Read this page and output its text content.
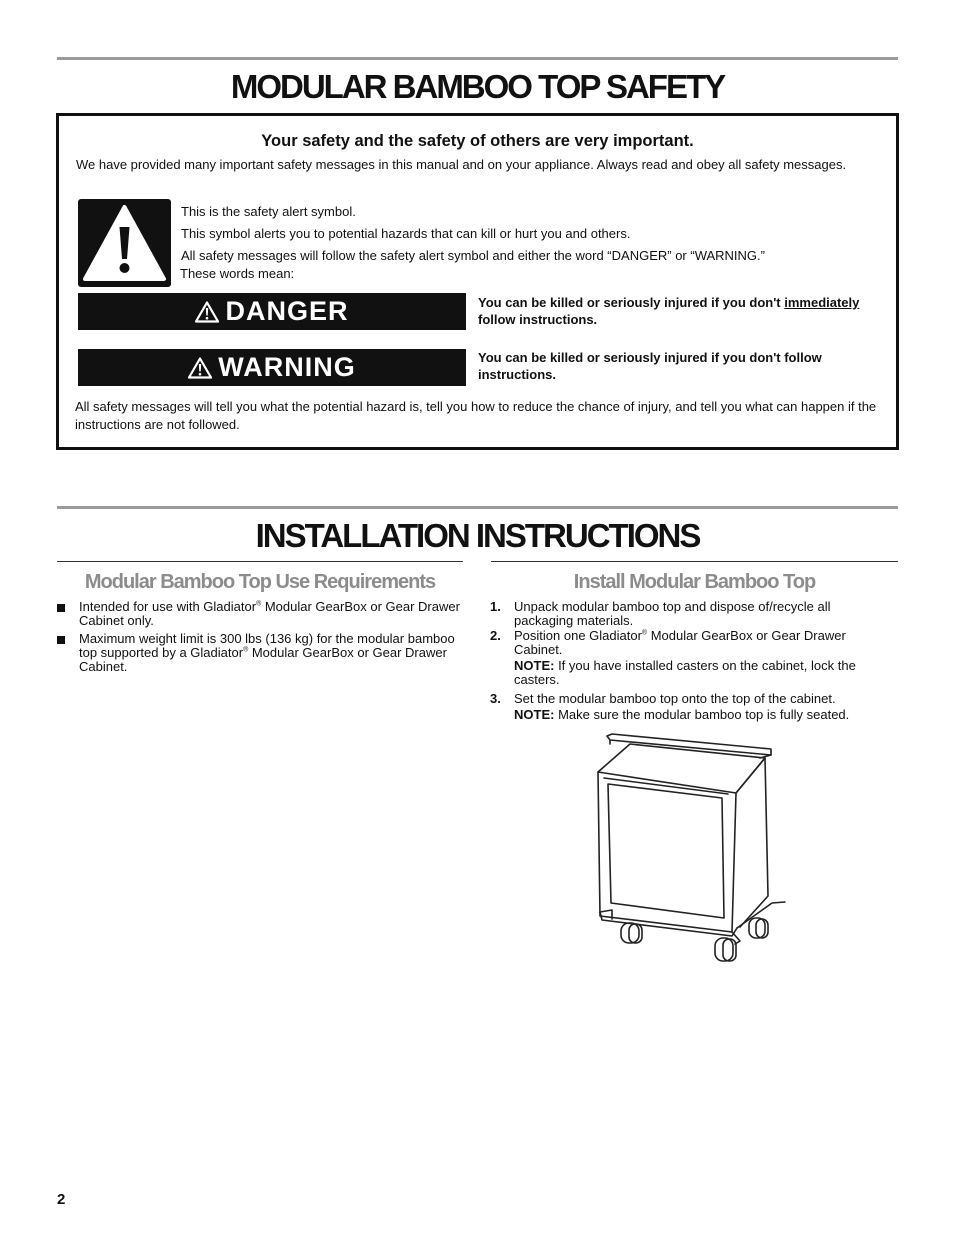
MODULAR BAMBOO TOP SAFETY

Your safety and the safety of others are very important.

We have provided many important safety messages in this manual and on your appliance. Always read and obey all safety messages.

This is the safety alert symbol.

This symbol alerts you to potential hazards that can kill or hurt you and others.

All safety messages will follow the safety alert symbol and either the word “DANGER” or “WARNING.”

These words mean:

DANGER	You can be killed or seriously injured if you don't immediately follow instructions.

WARNING	You can be killed or seriously injured if you don't follow instructions.

All safety messages will tell you what the potential hazard is, tell you how to reduce the chance of injury, and tell you what can happen if the instructions are not followed.

INSTALLATION INSTRUCTIONS
Modular Bamboo Top Use Requirements	Install Modular Bamboo Top
Intended for use with Gladiator® Modular GearBox or Gear Drawer Cabinet only.
Maximum weight limit is 300 lbs (136 kg) for the modular bamboo top supported by a Gladiator® Modular GearBox or Gear Drawer Cabinet.
1. Unpack modular bamboo top and dispose of/recycle all packaging materials.
2. Position one Gladiator® Modular GearBox or Gear Drawer Cabinet.

NOTE: If you have installed casters on the cabinet, lock the casters.
3. Set the modular bamboo top onto the top of the cabinet.

NOTE: Make sure the modular bamboo top is fully seated.
2
